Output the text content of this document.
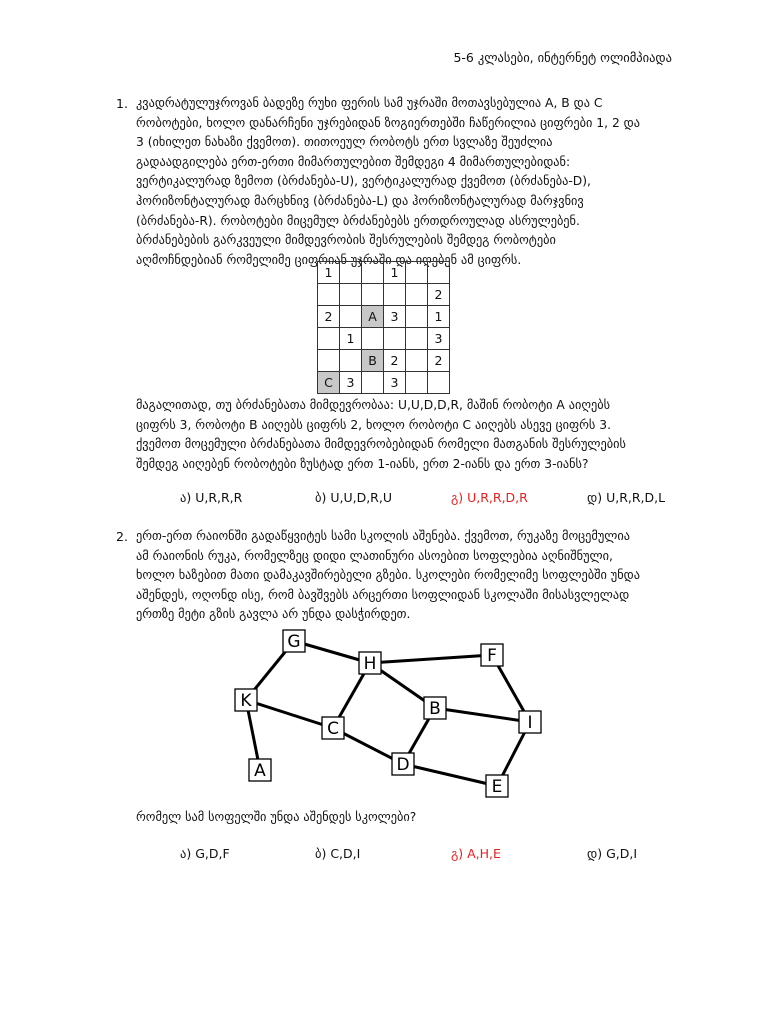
5-6 კლასები, ინტერნეტ ოლიმპიადა
1. კვადრატულუჯროვან ბადეზე რუხი ფერის სამ უჯრაში მოთავსებულია A, B და C
რობოტები, ხოლო დანარჩენი უჯრებიდან ზოგიერთებში ჩაწერილია ციფრები 1, 2 და
3 (იხილეთ ნახაზი ქვემოთ). თითოეულ რობოტს ერთ სვლაზე შეუძლია
გადაადგილება ერთ-ერთი მიმართულებით შემდეგი 4 მიმართულებიდან:
ვერტიკალურად ზემოთ (ბრძანება-U), ვერტიკალურად ქვემოთ (ბრძანება-D),
ჰორიზონტალურად მარცხნივ (ბრძანება-L) და ჰორიზონტალურად მარჯვნივ
(ბრძანება-R). რობოტები მიცემულ ბრძანებებს ერთდროულად ასრულებენ.
ბრძანებების გარკვეული მიმდევრობის შესრულების შემდეგ რობოტები
აღმოჩნდებიან რომელიმე ციფრიან უჯრაში და იღებენ ამ ციფრს.
1			1		
					2
2		A	3		1
	1				3
		B	2		2
C	3		3		
მაგალითად, თუ ბრძანებათა მიმდევრობაა: U,U,D,D,R, მაშინ რობოტი A აიღებს
ციფრს 3, რობოტი B აიღებს ციფრს 2, ხოლო რობოტი C აიღებს ასევე ციფრს 3.
ქვემოთ მოცემული ბრძანებათა მიმდევრობებიდან რომელი მათგანის შესრულების
შემდეგ აიღებენ რობოტები ზუსტად ერთ 1-იანს, ერთ 2-იანს და ერთ 3-იანს?
ა) U,R,R,R	ბ) U,U,D,R,U	გ) U,R,R,D,R	დ) U,R,R,D,L
2. ერთ-ერთ რაიონში გადაწყვიტეს სამი სკოლის აშენება. ქვემოთ, რუკაზე მოცემულია
ამ რაიონის რუკა, რომელზეც დიდი ლათინური ასოებით სოფლებია აღნიშნული,
ხოლო ხაზებით მათი დამაკავშირებელი გზები. სკოლები რომელიმე სოფლებში უნდა
აშენდეს, ოღონდ ისე, რომ ბავშვებს არცერთი სოფლიდან სკოლაში მისასვლელად
ერთზე მეტი გზის გავლა არ უნდა დასჭირდეთ.
G
H	F
K	B
C	I
D
A
E
რომელ სამ სოფელში უნდა აშენდეს სკოლები?
ა) G,D,F	ბ) C,D,I	გ) A,H,E	დ) G,D,I
